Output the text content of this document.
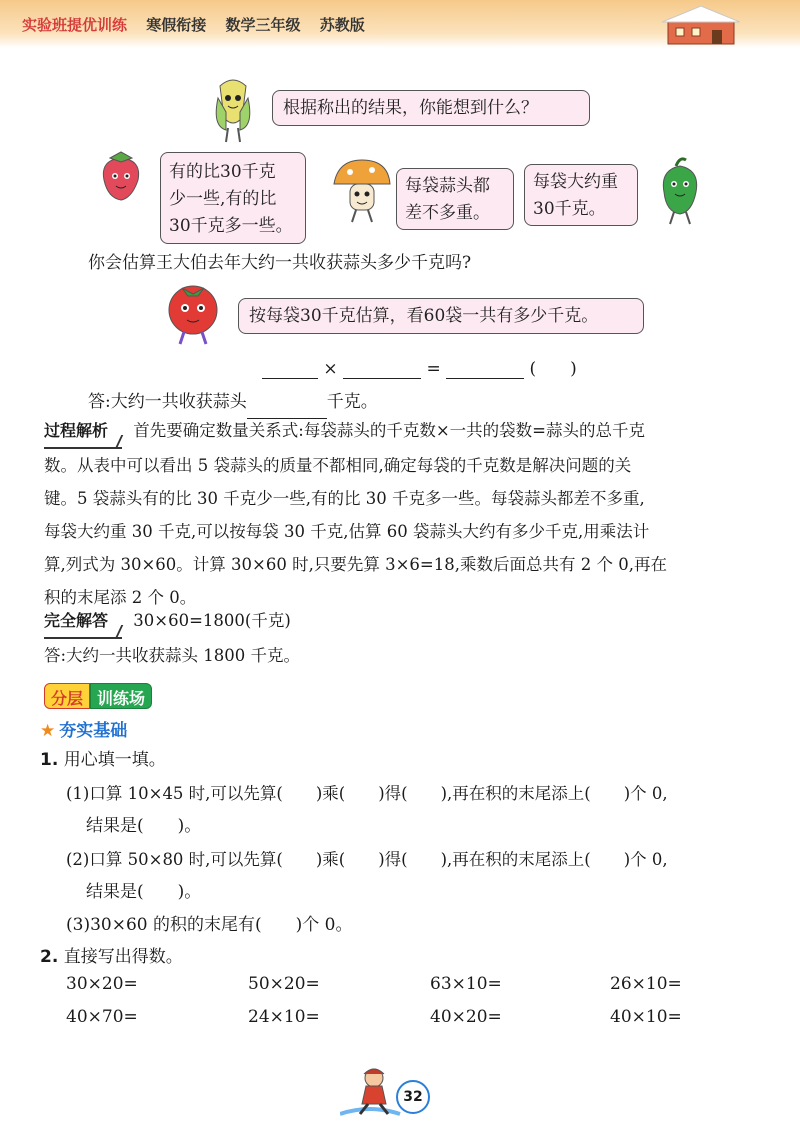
实验班提优训练 寒假衔接 数学三年级 苏教版
根据称出的结果，你能想到什么？
有的比30千克
少一些,有的比
30千克多一些。
每袋蒜头都
差不多重。
每袋大约重
30千克。
你会估算王大伯去年大约一共收获蒜头多少千克吗?
按每袋30千克估算，看60袋一共有多少千克。
×	=	(　　)
答:大约一共收获蒜头	千克。
过程解析 首先要确定数量关系式:每袋蒜头的千克数×一共的袋数=蒜头的总千克
数。从表中可以看出 5 袋蒜头的质量不都相同,确定每袋的千克数是解决问题的关
键。5 袋蒜头有的比 30 千克少一些,有的比 30 千克多一些。每袋蒜头都差不多重,
每袋大约重 30 千克,可以按每袋 30 千克,估算 60 袋蒜头大约有多少千克,用乘法计
算,列式为 30×60。计算 30×60 时,只要先算 3×6=18,乘数后面总共有 2 个 0,再在
积的末尾添 2 个 0。
完全解答 30×60=1800(千克)
答:大约一共收获蒜头 1800 千克。
分层 训练场
★ 夯实基础
1. 用心填一填。
(1)口算 10×45 时,可以先算(　　)乘(　　)得(　　),再在积的末尾添上(　　)个 0,
结果是(　　)。
(2)口算 50×80 时,可以先算(　　)乘(　　)得(　　),再在积的末尾添上(　　)个 0,
结果是(　　)。
(3)30×60 的积的末尾有(　　)个 0。
2. 直接写出得数。
30×20=	50×20=	63×10=	26×10=
40×70=	24×10=	40×20=	40×10=
32
